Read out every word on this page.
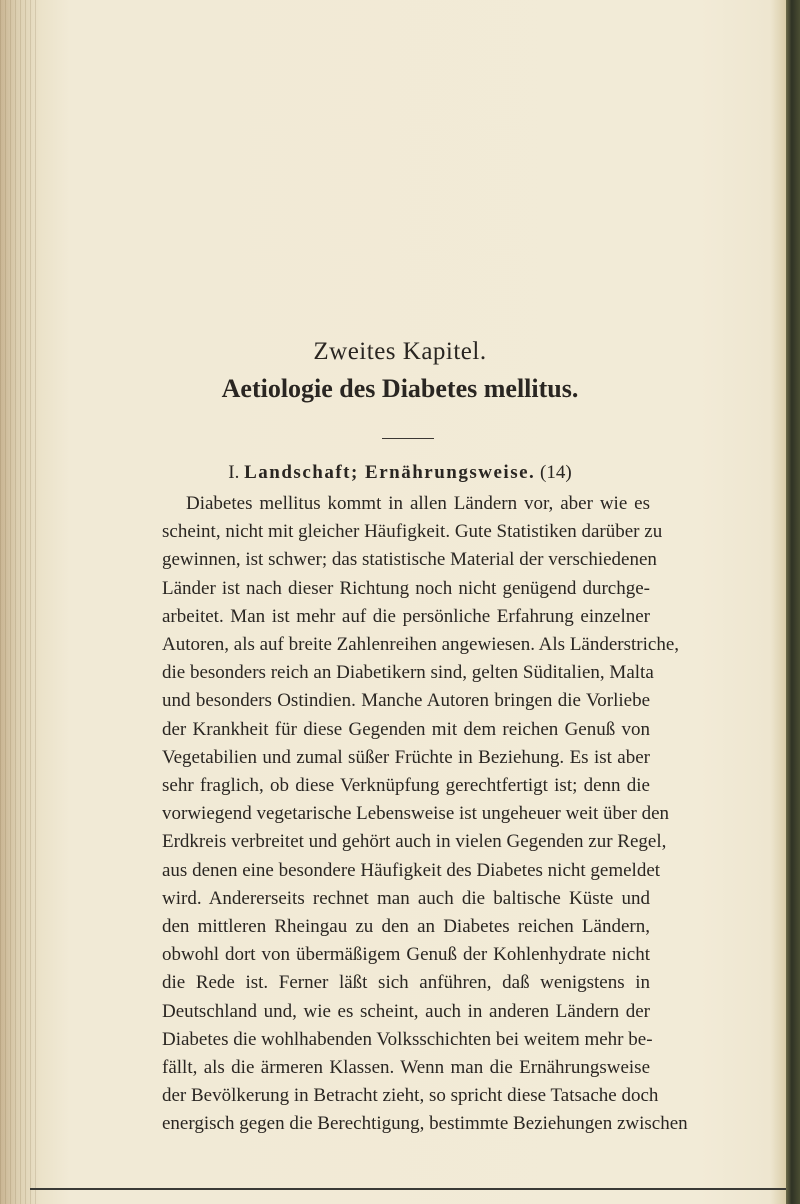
Zweites Kapitel.
Aetiologie des Diabetes mellitus.
I. Landschaft; Ernährungsweise. (14)
Diabetes mellitus kommt in allen Ländern vor, aber wie es
scheint, nicht mit gleicher Häufigkeit. Gute Statistiken darüber zu
gewinnen, ist schwer; das statistische Material der verschiedenen
Länder ist nach dieser Richtung noch nicht genügend durchge-
arbeitet. Man ist mehr auf die persönliche Erfahrung einzelner
Autoren, als auf breite Zahlenreihen angewiesen. Als Länderstriche,
die besonders reich an Diabetikern sind, gelten Süditalien, Malta
und besonders Ostindien. Manche Autoren bringen die Vorliebe
der Krankheit für diese Gegenden mit dem reichen Genuß von
Vegetabilien und zumal süßer Früchte in Beziehung. Es ist aber
sehr fraglich, ob diese Verknüpfung gerechtfertigt ist; denn die
vorwiegend vegetarische Lebensweise ist ungeheuer weit über den
Erdkreis verbreitet und gehört auch in vielen Gegenden zur Regel,
aus denen eine besondere Häufigkeit des Diabetes nicht gemeldet
wird. Andererseits rechnet man auch die baltische Küste und
den mittleren Rheingau zu den an Diabetes reichen Ländern,
obwohl dort von übermäßigem Genuß der Kohlenhydrate nicht
die Rede ist. Ferner läßt sich anführen, daß wenigstens in
Deutschland und, wie es scheint, auch in anderen Ländern der
Diabetes die wohlhabenden Volksschichten bei weitem mehr be-
fällt, als die ärmeren Klassen. Wenn man die Ernährungsweise
der Bevölkerung in Betracht zieht, so spricht diese Tatsache doch
energisch gegen die Berechtigung, bestimmte Beziehungen zwischen
